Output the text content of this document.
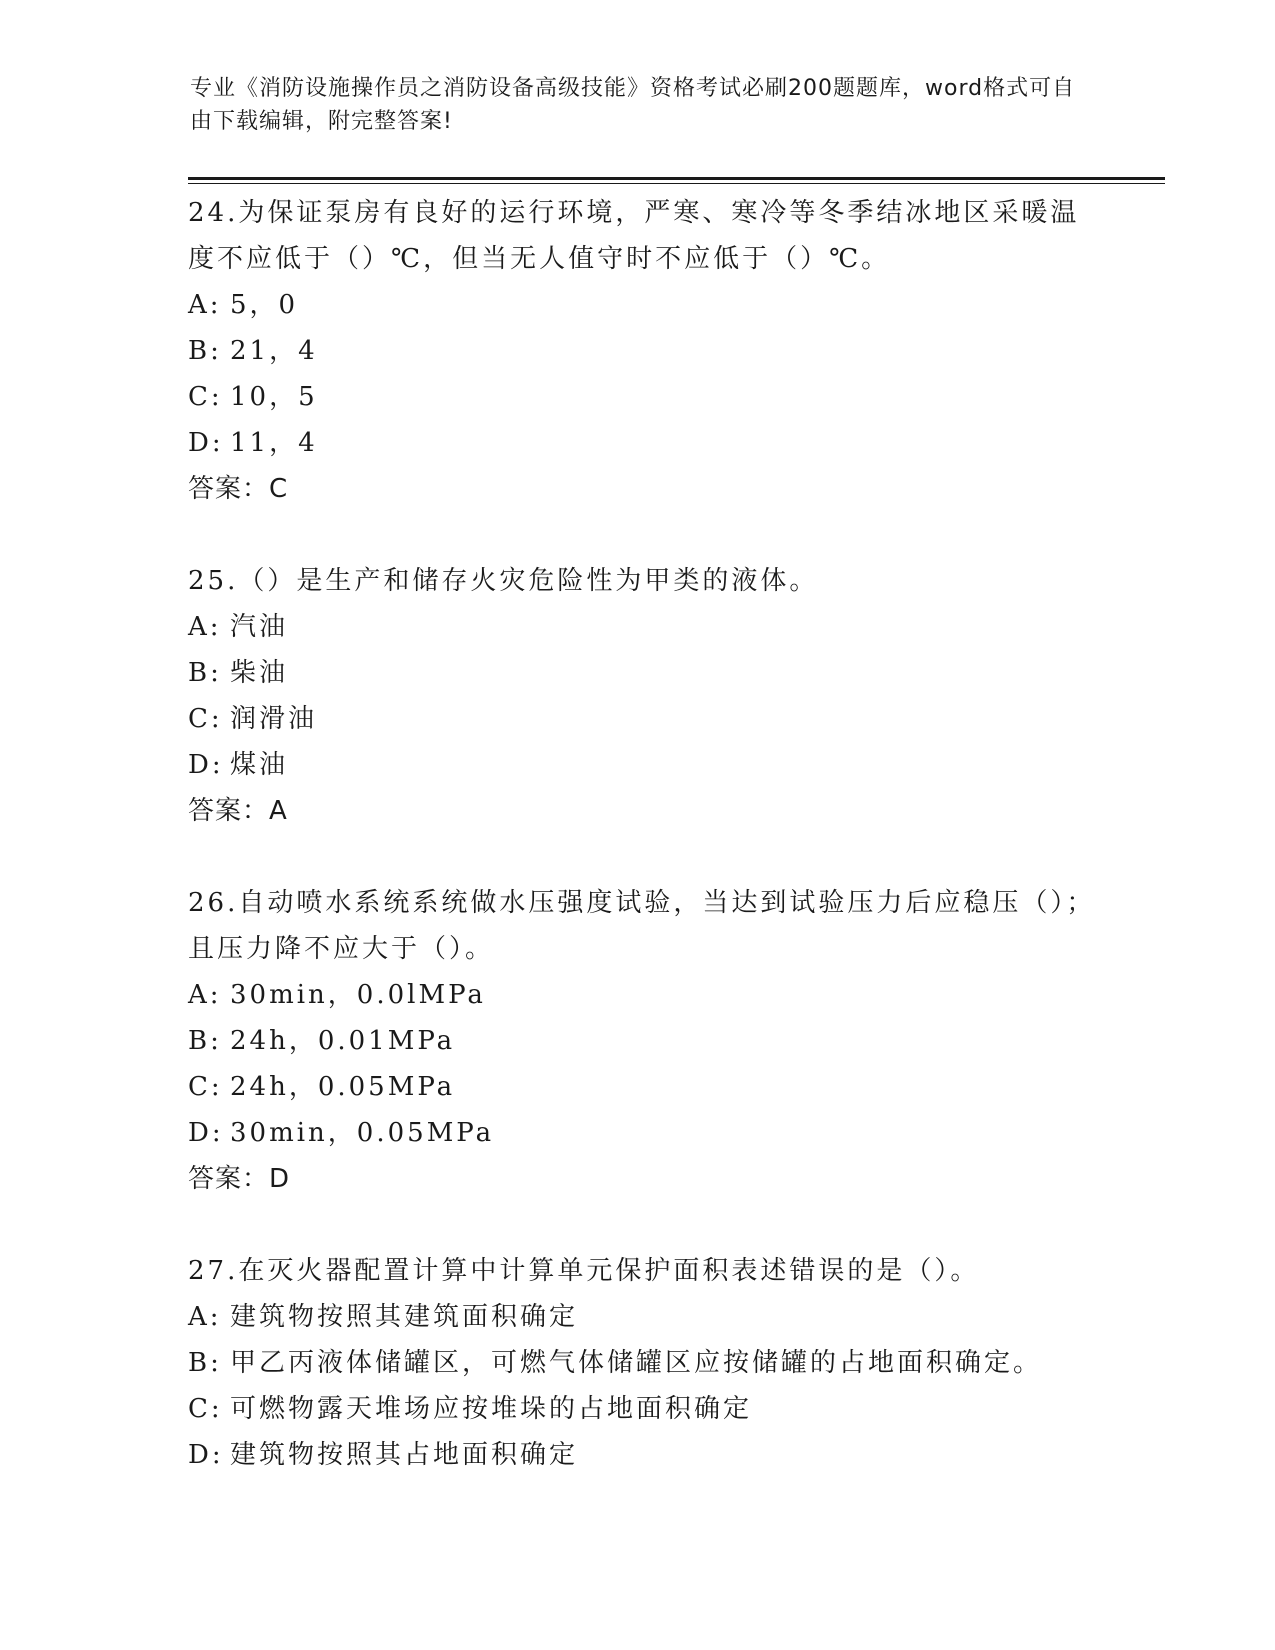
专业《消防设施操作员之消防设备高级技能》资格考试必刷200题题库，word格式可自由下载编辑，附完整答案!

24.为保证泵房有良好的运行环境，严寒、寒冷等冬季结冰地区采暖温度不应低于（）℃，但当无人值守时不应低于（）℃。

A: 5，0

B: 21，4

C: 10，5

D: 11，4

答案：C

25.（）是生产和储存火灾危险性为甲类的液体。

A: 汽油

B: 柴油

C: 润滑油

D: 煤油

答案：A

26.自动喷水系统系统做水压强度试验，当达到试验压力后应稳压（）；且压力降不应大于（）。

A: 30min，0.0lMPa

B: 24h，0.01MPa

C: 24h，0.05MPa

D: 30min，0.05MPa

答案：D

27.在灭火器配置计算中计算单元保护面积表述错误的是（）。

A: 建筑物按照其建筑面积确定

B: 甲乙丙液体储罐区，可燃气体储罐区应按储罐的占地面积确定。

C: 可燃物露天堆场应按堆垛的占地面积确定

D: 建筑物按照其占地面积确定
